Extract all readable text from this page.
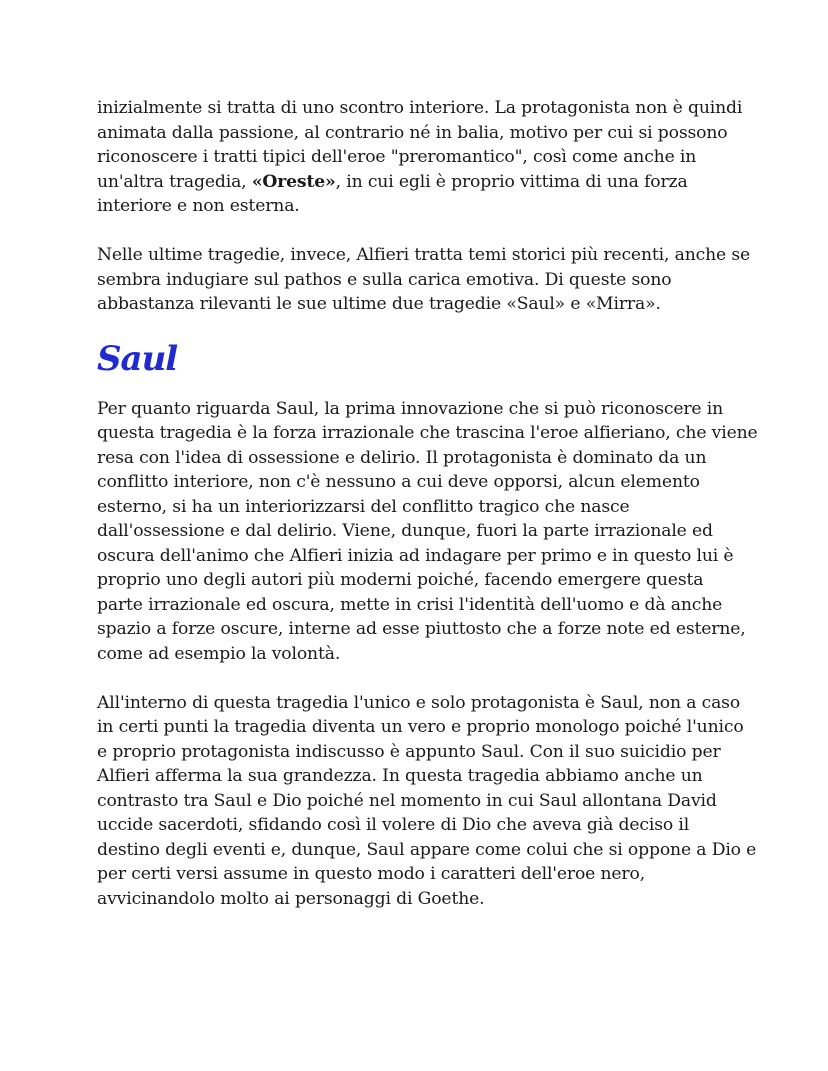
inizialmente si tratta di uno scontro interiore. La protagonista non è quindi
animata dalla passione, al contrario né in balia, motivo per cui si possono
riconoscere i tratti tipici dell'eroe "preromantico", così come anche in
un'altra tragedia, «Oreste», in cui egli è proprio vittima di una forza
interiore e non esterna.

Nelle ultime tragedie, invece, Alfieri tratta temi storici più recenti, anche se
sembra indugiare sul pathos e sulla carica emotiva. Di queste sono
abbastanza rilevanti le sue ultime due tragedie «Saul» e «Mirra».

Saul

Per quanto riguarda Saul, la prima innovazione che si può riconoscere in
questa tragedia è la forza irrazionale che trascina l'eroe alfieriano, che viene
resa con l'idea di ossessione e delirio. Il protagonista è dominato da un
conflitto interiore, non c'è nessuno a cui deve opporsi, alcun elemento
esterno, si ha un interiorizzarsi del conflitto tragico che nasce
dall'ossessione e dal delirio. Viene, dunque, fuori la parte irrazionale ed
oscura dell'animo che Alfieri inizia ad indagare per primo e in questo lui è
proprio uno degli autori più moderni poiché, facendo emergere questa
parte irrazionale ed oscura, mette in crisi l'identità dell'uomo e dà anche
spazio a forze oscure, interne ad esse piuttosto che a forze note ed esterne,
come ad esempio la volontà.

All'interno di questa tragedia l'unico e solo protagonista è Saul, non a caso
in certi punti la tragedia diventa un vero e proprio monologo poiché l'unico
e proprio protagonista indiscusso è appunto Saul. Con il suo suicidio per
Alfieri afferma la sua grandezza. In questa tragedia abbiamo anche un
contrasto tra Saul e Dio poiché nel momento in cui Saul allontana David
uccide sacerdoti, sfidando così il volere di Dio che aveva già deciso il
destino degli eventi e, dunque, Saul appare come colui che si oppone a Dio e
per certi versi assume in questo modo i caratteri dell'eroe nero,
avvicinandolo molto ai personaggi di Goethe.
